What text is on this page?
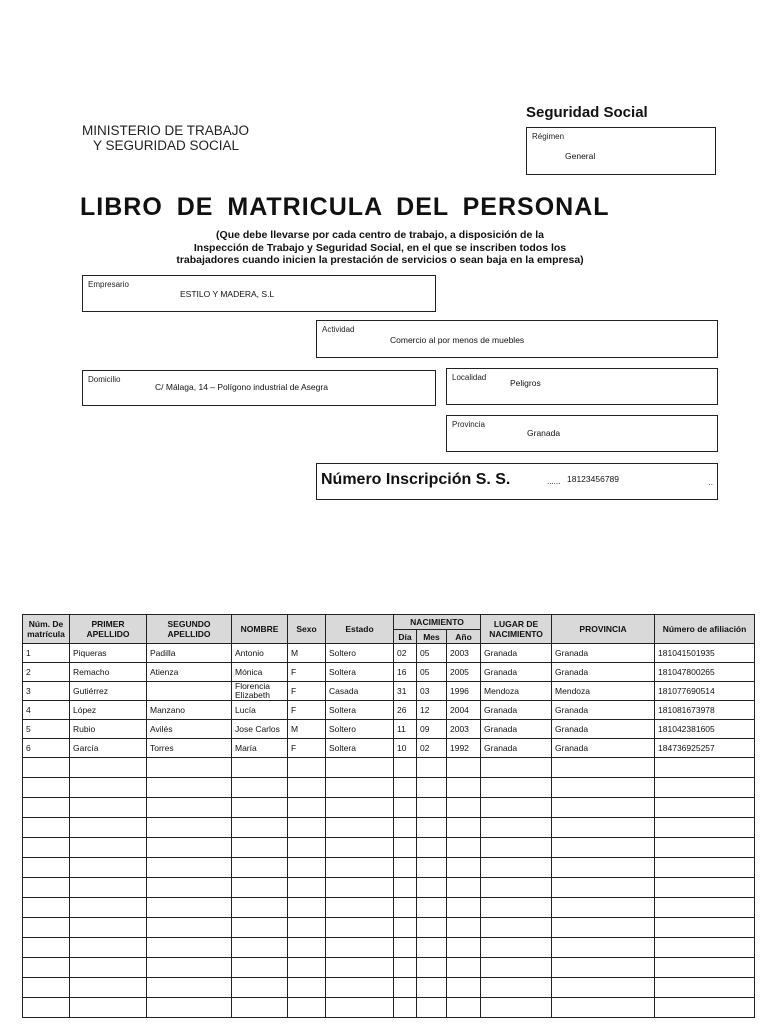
MINISTERIO DE TRABAJO
Y SEGURIDAD SOCIAL
Seguridad Social
Régimen
General
LIBRO DE MATRICULA DEL PERSONAL
(Que debe llevarse por cada centro de trabajo, a disposición de la
Inspección de Trabajo y Seguridad Social, en el que se inscriben todos los
trabajadores cuando inicien la prestación de servicios o sean baja en la empresa)
Empresario
ESTILO Y MADERA, S.L
Actividad
Comercio al por menos de muebles
Domicilio
C/ Málaga, 14 – Polígono industrial de Asegra
Localidad
Peligros
Provincia
Granada
Número Inscripción S. S.	...... 18123456789	..
Núm. De matrícula	PRIMER APELLIDO	SEGUNDO APELLIDO	NOMBRE	Sexo	Estado	NACIMIENTO			LUGAR DE NACIMIENTO	PROVINCIA	Número de afiliación
						Día	Mes	Año			
1	Piqueras	Padilla	Antonio	M	Soltero	02	05	2003	Granada	Granada	181041501935
2	Remacho	Atienza	Mónica	F	Soltera	16	05	2005	Granada	Granada	181047800265
3	Gutiérrez		Florencia Elizabeth	F	Casada	31	03	1996	Mendoza	Mendoza	181077690514
4	López	Manzano	Lucía	F	Soltera	26	12	2004	Granada	Granada	181081673978
5	Rubio	Avilés	Jose Carlos	M	Soltero	11	09	2003	Granada	Granada	181042381605
6	García	Torres	María	F	Soltera	10	02	1992	Granada	Granada	184736925257
